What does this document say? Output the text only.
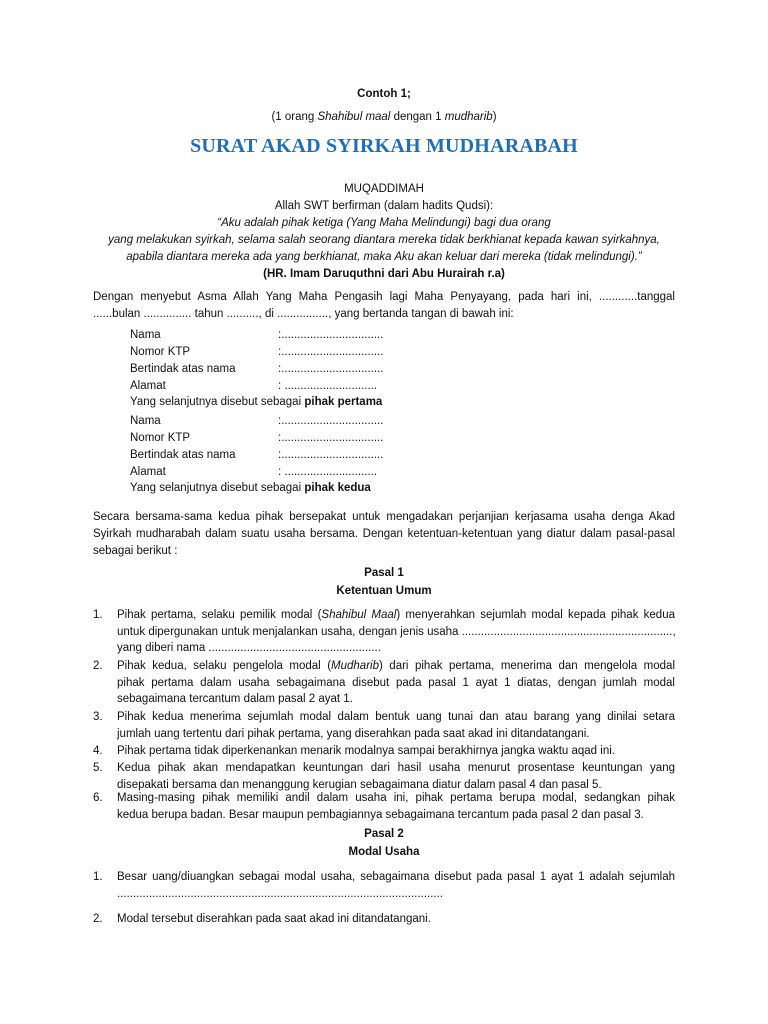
Contoh 1;
(1 orang Shahibul maal dengan 1 mudharib)
SURAT AKAD SYIRKAH MUDHARABAH
MUQADDIMAH
Allah SWT berfirman (dalam hadits Qudsi):
“Aku adalah pihak ketiga (Yang Maha Melindungi) bagi dua orang
yang melakukan syirkah, selama salah seorang diantara mereka tidak berkhianat kepada kawan syirkahnya,
apabila diantara mereka ada yang berkhianat, maka Aku akan keluar dari mereka (tidak melindungi).”
(HR. Imam Daruquthni dari Abu Hurairah r.a)
Dengan menyebut Asma Allah Yang Maha Pengasih lagi Maha Penyayang, pada hari ini, ............tanggal
......bulan ............... tahun .........., di ................, yang bertanda tangan di bawah ini:
Nama	:................................
Nomor KTP	:................................
Bertindak atas nama	:................................
Alamat	: .............................
Yang selanjutnya disebut sebagai pihak pertama
Nama	:................................
Nomor KTP	:................................
Bertindak atas nama	:................................
Alamat	: .............................
Yang selanjutnya disebut sebagai pihak kedua
Secara bersama-sama kedua pihak bersepakat untuk mengadakan perjanjian kerjasama usaha denga Akad
Syirkah mudharabah dalam suatu usaha bersama. Dengan ketentuan-ketentuan yang diatur dalam pasal-pasal
sebagai berikut :
Pasal 1
Ketentuan Umum
1.	Pihak pertama, selaku pemilik modal (Shahibul Maal) menyerahkan sejumlah modal kepada pihak kedua
untuk dipergunakan untuk menjalankan usaha, dengan jenis usaha ..................................................................,
yang diberi nama ......................................................
2.	Pihak kedua, selaku pengelola modal (Mudharib) dari pihak pertama, menerima dan mengelola modal
pihak pertama dalam usaha sebagaimana disebut pada pasal 1 ayat 1 diatas, dengan jumlah modal
sebagaimana tercantum dalam pasal 2 ayat 1.
3.	Pihak kedua menerima sejumlah modal dalam bentuk uang tunai dan atau barang yang dinilai setara
jumlah uang tertentu dari pihak pertama, yang diserahkan pada saat akad ini ditandatangani.
4.	Pihak pertama tidak diperkenankan menarik modalnya sampai berakhirnya jangka waktu aqad ini.
5.	Kedua pihak akan mendapatkan keuntungan dari hasil usaha menurut prosentase keuntungan yang
disepakati bersama dan menanggung kerugian sebagaimana diatur dalam pasal 4 dan pasal 5.
6.	Masing-masing pihak memiliki andil dalam usaha ini, pihak pertama berupa modal, sedangkan pihak
kedua berupa badan. Besar maupun pembagiannya sebagaimana tercantum pada pasal 2 dan pasal 3.
Pasal 2
Modal Usaha
1.	Besar uang/diuangkan sebagai modal usaha, sebagaimana disebut pada pasal 1 ayat 1 adalah sejumlah
......................................................................................................
2.	Modal tersebut diserahkan pada saat akad ini ditandatangani.
